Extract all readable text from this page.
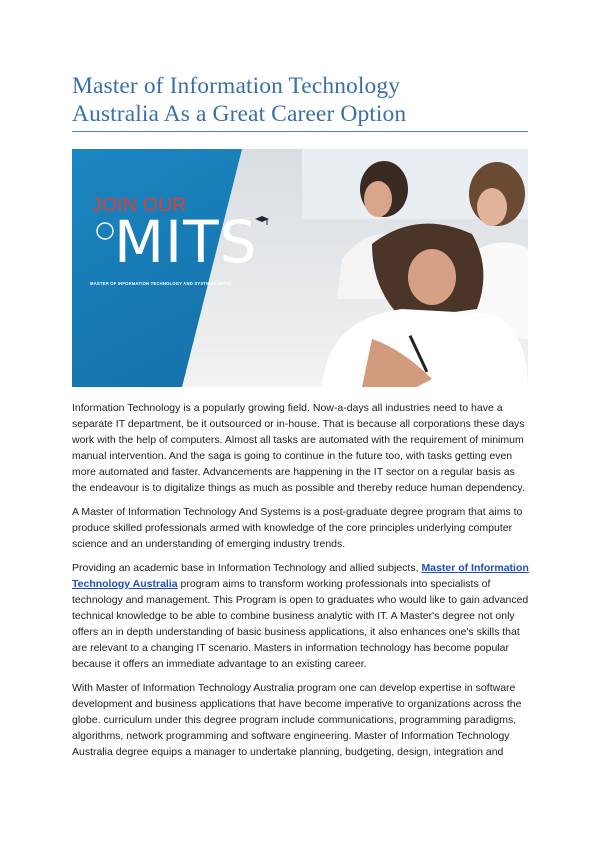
Master of Information Technology
Australia As a Great Career Option
JOIN OUR
MITS
MASTER OF INFORMATION TECHNOLOGY AND SYSTEMS (MITS)

Information Technology is a popularly growing field. Now-a-days all industries need to have a separate IT department, be it outsourced or in-house. That is because all corporations these days work with the help of computers. Almost all tasks are automated with the requirement of minimum manual intervention. And the saga is going to continue in the future too, with tasks getting even more automated and faster. Advancements are happening in the IT sector on a regular basis as the endeavour is to digitalize things as much as possible and thereby reduce human dependency.

A Master of Information Technology And Systems is a post-graduate degree program that aims to produce skilled professionals armed with knowledge of the core principles underlying computer science and an understanding of emerging industry trends.

Providing an academic base in Information Technology and allied subjects, Master of Information Technology Australia program aims to transform working professionals into specialists of technology and management. This Program is open to graduates who would like to gain advanced technical knowledge to be able to combine business analytic with IT. A Master's degree not only offers an in depth understanding of basic business applications, it also enhances one's skills that are relevant to a changing IT scenario. Masters in information technology has become popular because it offers an immediate advantage to an existing career.

With Master of Information Technology Australia program one can develop expertise in software development and business applications that have become imperative to organizations across the globe. curriculum under this degree program include communications, programming paradigms, algorithms, network programming and software engineering. Master of Information Technology Australia degree equips a manager to undertake planning, budgeting, design, integration and
